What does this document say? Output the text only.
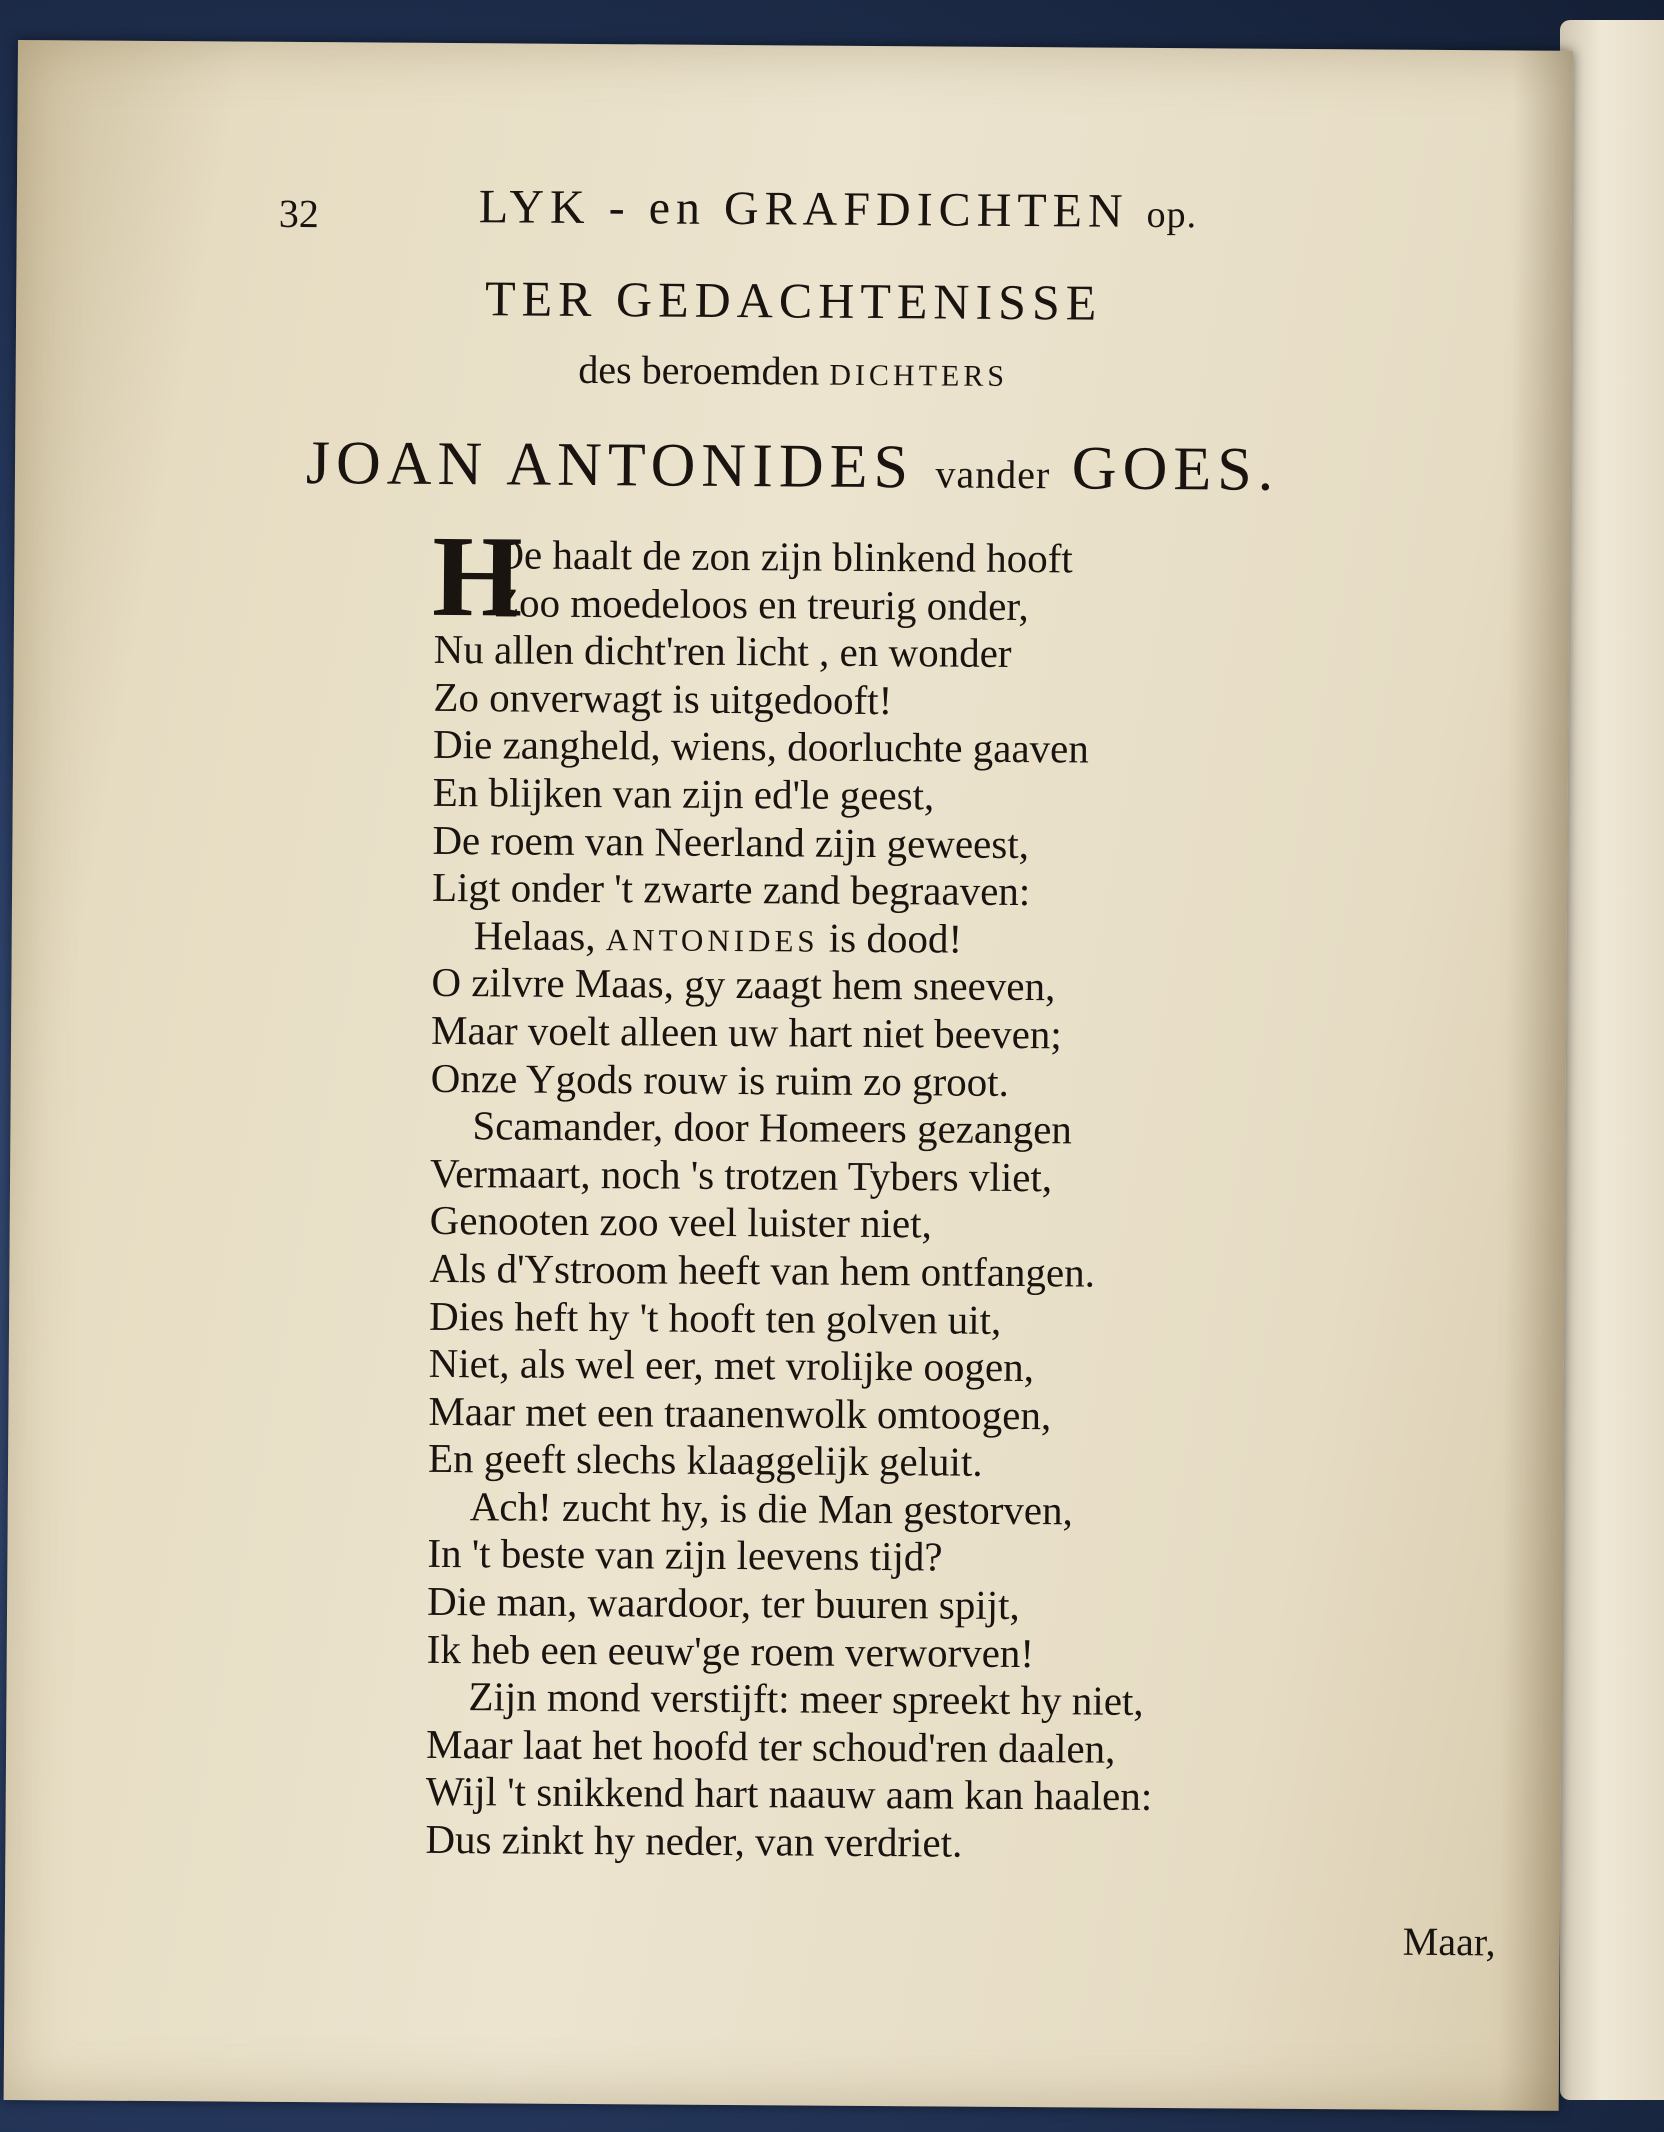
32	LYK - en GRAFDICHTEN op.
TER GEDACHTENISSE
des beroemden DICHTERS
JOAN ANTONIDES vander GOES.
H
Oe haalt de zon zijn blinkend hooft
Zoo moedeloos en treurig onder,
Nu allen dicht'ren licht , en wonder
Zo onverwagt is uitgedooft!
Die zangheld, wiens, doorluchte gaaven
En blijken van zijn ed'le geest,
De roem van Neerland zijn geweest,
Ligt onder 't zwarte zand begraaven:
Helaas, ANTONIDES is dood!
O zilvre Maas, gy zaagt hem sneeven,
Maar voelt alleen uw hart niet beeven;
Onze Ygods rouw is ruim zo groot.
Scamander, door Homeers gezangen
Vermaart, noch 's trotzen Tybers vliet,
Genooten zoo veel luister niet,
Als d'Ystroom heeft van hem ontfangen.
Dies heft hy 't hooft ten golven uit,
Niet, als wel eer, met vrolijke oogen,
Maar met een traanenwolk omtoogen,
En geeft slechs klaaggelijk geluit.
Ach! zucht hy, is die Man gestorven,
In 't beste van zijn leevens tijd?
Die man, waardoor, ter buuren spijt,
Ik heb een eeuw'ge roem verworven!
Zijn mond verstijft: meer spreekt hy niet,
Maar laat het hoofd ter schoud'ren daalen,
Wijl 't snikkend hart naauw aam kan haalen:
Dus zinkt hy neder, van verdriet.
Maar,
